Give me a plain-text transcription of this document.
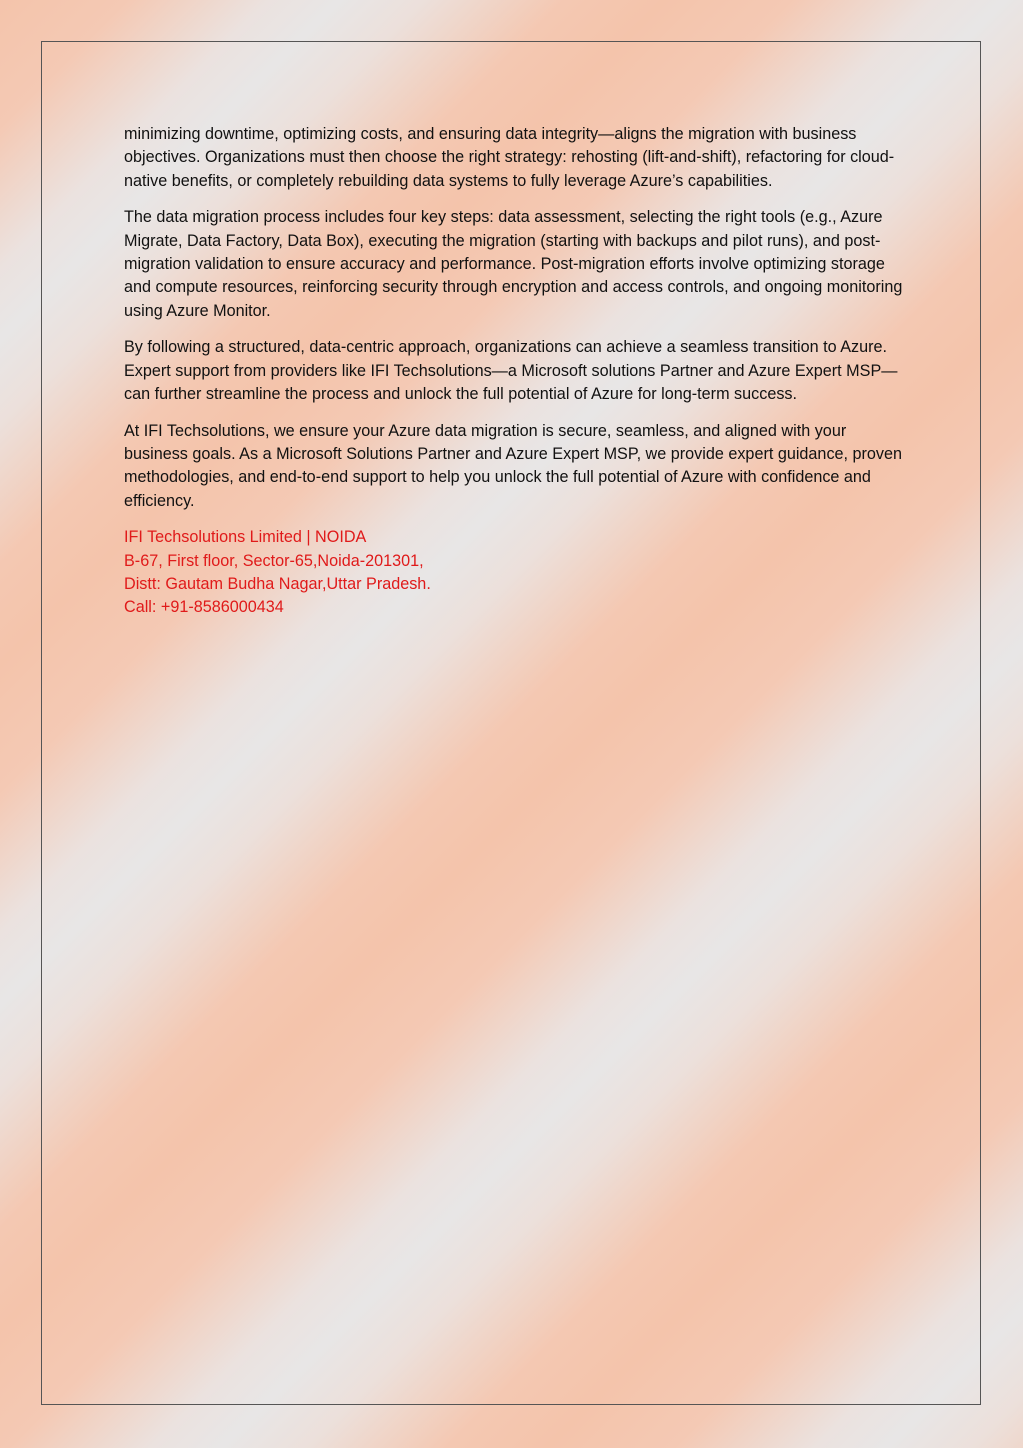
minimizing downtime, optimizing costs, and ensuring data integrity—aligns the migration with business objectives. Organizations must then choose the right strategy: rehosting (lift-and-shift), refactoring for cloud-native benefits, or completely rebuilding data systems to fully leverage Azure’s capabilities.

The data migration process includes four key steps: data assessment, selecting the right tools (e.g., Azure Migrate, Data Factory, Data Box), executing the migration (starting with backups and pilot runs), and post-migration validation to ensure accuracy and performance. Post-migration efforts involve optimizing storage and compute resources, reinforcing security through encryption and access controls, and ongoing monitoring using Azure Monitor.

By following a structured, data-centric approach, organizations can achieve a seamless transition to Azure. Expert support from providers like IFI Techsolutions—a Microsoft solutions Partner and Azure Expert MSP—can further streamline the process and unlock the full potential of Azure for long-term success.

At IFI Techsolutions, we ensure your Azure data migration is secure, seamless, and aligned with your business goals. As a Microsoft Solutions Partner and Azure Expert MSP, we provide expert guidance, proven methodologies, and end-to-end support to help you unlock the full potential of Azure with confidence and efficiency.

IFI Techsolutions Limited | NOIDA
B-67, First floor, Sector-65,Noida-201301,
Distt: Gautam Budha Nagar,Uttar Pradesh.
Call: +91-8586000434
